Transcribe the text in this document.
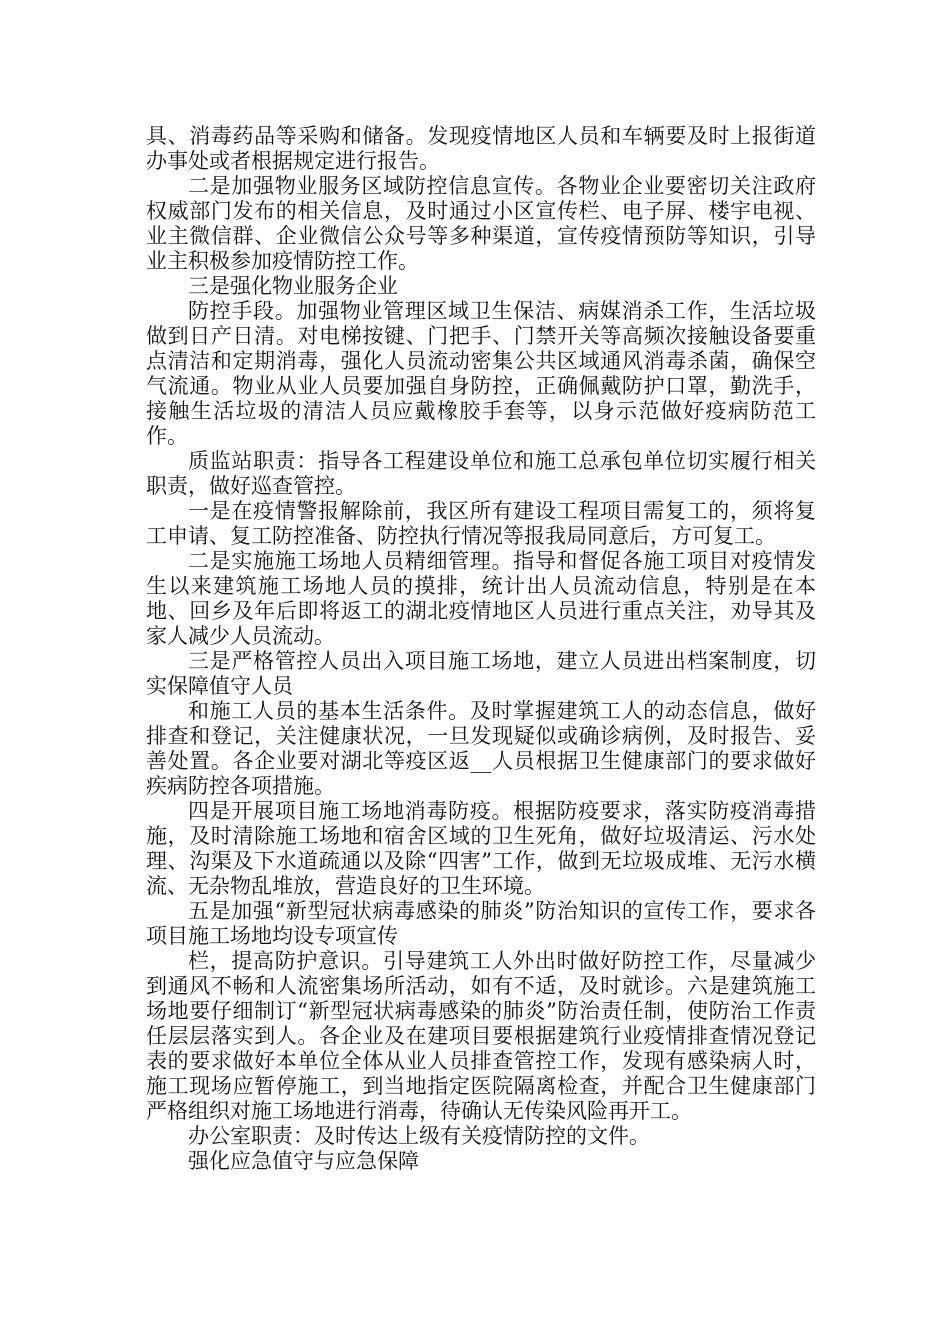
具、消毒药品等采购和储备。发现疫情地区人员和车辆要及时上报街道办事处或者根据规定进行报告。

二是加强物业服务区域防控信息宣传。各物业企业要密切关注政府权威部门发布的相关信息，及时通过小区宣传栏、电子屏、楼宇电视、业主微信群、企业微信公众号等多种渠道，宣传疫情预防等知识，引导业主积极参加疫情防控工作。

三是强化物业服务企业

防控手段。加强物业管理区域卫生保洁、病媒消杀工作，生活垃圾做到日产日清。对电梯按键、门把手、门禁开关等高频次接触设备要重点清洁和定期消毒，强化人员流动密集公共区域通风消毒杀菌，确保空气流通。物业从业人员要加强自身防控，正确佩戴防护口罩，勤洗手，接触生活垃圾的清洁人员应戴橡胶手套等，以身示范做好疫病防范工作。

质监站职责：指导各工程建设单位和施工总承包单位切实履行相关职责，做好巡查管控。

一是在疫情警报解除前，我区所有建设工程项目需复工的，须将复工申请、复工防控准备、防控执行情况等报我局同意后，方可复工。

二是实施施工场地人员精细管理。指导和督促各施工项目对疫情发生以来建筑施工场地人员的摸排，统计出人员流动信息，特别是在本地、回乡及年后即将返工的湖北疫情地区人员进行重点关注，劝导其及家人减少人员流动。

三是严格管控人员出入项目施工场地，建立人员进出档案制度，切实保障值守人员

和施工人员的基本生活条件。及时掌握建筑工人的动态信息，做好排查和登记，关注健康状况，一旦发现疑似或确诊病例，及时报告、妥善处置。各企业要对湖北等疫区返__人员根据卫生健康部门的要求做好疾病防控各项措施。

四是开展项目施工场地消毒防疫。根据防疫要求，落实防疫消毒措施，及时清除施工场地和宿舍区域的卫生死角，做好垃圾清运、污水处理、沟渠及下水道疏通以及除“四害”工作，做到无垃圾成堆、无污水横流、无杂物乱堆放，营造良好的卫生环境。

五是加强“新型冠状病毒感染的肺炎”防治知识的宣传工作，要求各项目施工场地均设专项宣传

栏，提高防护意识。引导建筑工人外出时做好防控工作，尽量减少到通风不畅和人流密集场所活动，如有不适，及时就诊。六是建筑施工场地要仔细制订“新型冠状病毒感染的肺炎”防治责任制，使防治工作责任层层落实到人。各企业及在建项目要根据建筑行业疫情排查情况登记表的要求做好本单位全体从业人员排查管控工作，发现有感染病人时，施工现场应暂停施工，到当地指定医院隔离检查，并配合卫生健康部门严格组织对施工场地进行消毒，待确认无传染风险再开工。

办公室职责：及时传达上级有关疫情防控的文件。

强化应急值守与应急保障
